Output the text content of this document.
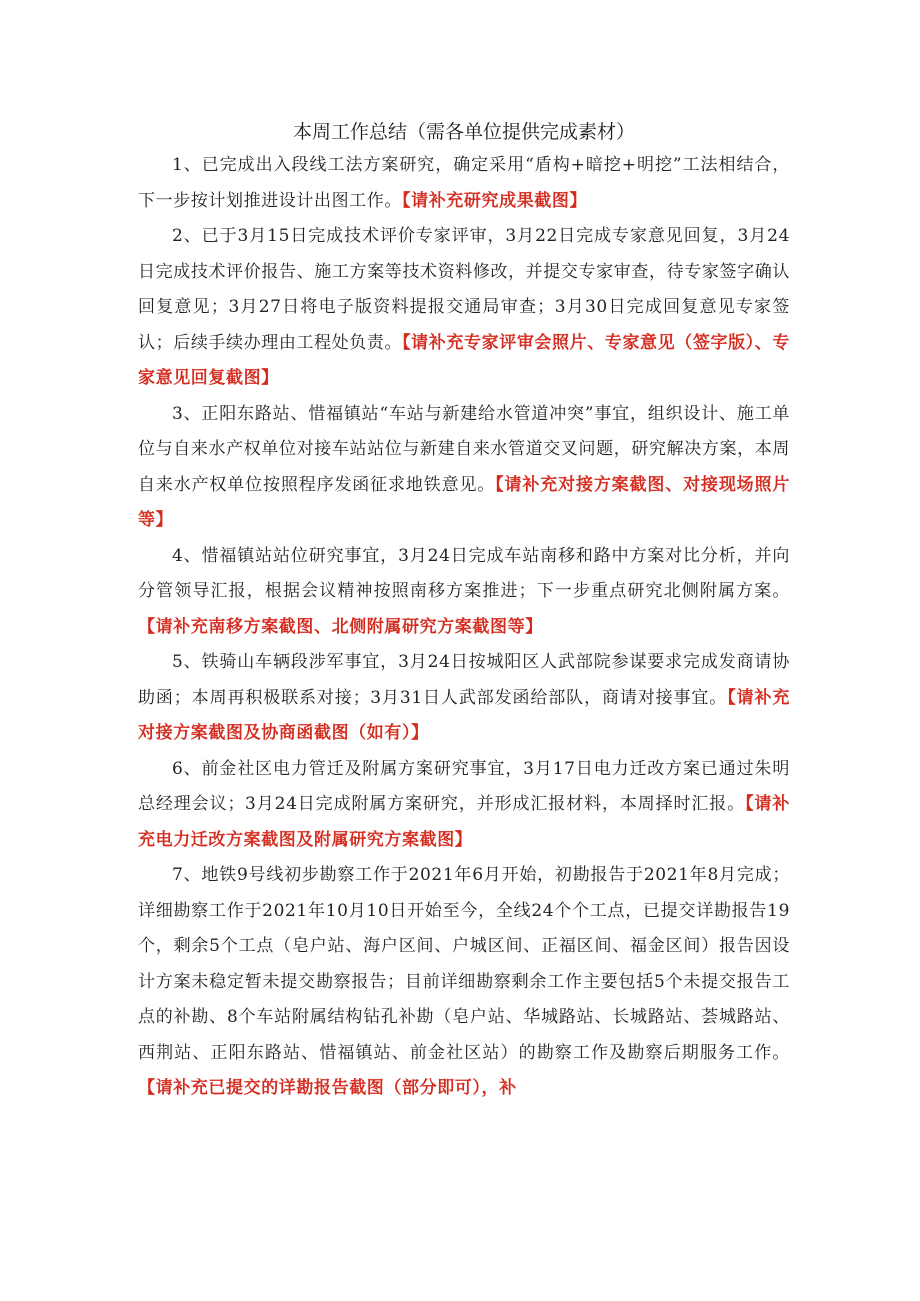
本周工作总结（需各单位提供完成素材）

1、已完成出入段线工法方案研究，确定采用“盾构+暗挖+明挖”工法相结合，下一步按计划推进设计出图工作。【请补充研究成果截图】

2、已于3月15日完成技术评价专家评审，3月22日完成专家意见回复，3月24日完成技术评价报告、施工方案等技术资料修改，并提交专家审查，待专家签字确认回复意见；3月27日将电子版资料提报交通局审查；3月30日完成回复意见专家签认；后续手续办理由工程处负责。【请补充专家评审会照片、专家意见（签字版）、专家意见回复截图】

3、正阳东路站、惜福镇站“车站与新建给水管道冲突”事宜，组织设计、施工单位与自来水产权单位对接车站站位与新建自来水管道交叉问题，研究解决方案，本周自来水产权单位按照程序发函征求地铁意见。【请补充对接方案截图、对接现场照片等】

4、惜福镇站站位研究事宜，3月24日完成车站南移和路中方案对比分析，并向分管领导汇报，根据会议精神按照南移方案推进；下一步重点研究北侧附属方案。【请补充南移方案截图、北侧附属研究方案截图等】

5、铁骑山车辆段涉军事宜，3月24日按城阳区人武部院参谋要求完成发商请协助函；本周再积极联系对接；3月31日人武部发函给部队，商请对接事宜。【请补充对接方案截图及协商函截图（如有）】

6、前金社区电力管迁及附属方案研究事宜，3月17日电力迁改方案已通过朱明总经理会议；3月24日完成附属方案研究，并形成汇报材料，本周择时汇报。【请补充电力迁改方案截图及附属研究方案截图】

7、地铁9号线初步勘察工作于2021年6月开始，初勘报告于2021年8月完成；详细勘察工作于2021年10月10日开始至今，全线24个个工点，已提交详勘报告19个，剩余5个工点（皂户站、海户区间、户城区间、正福区间、福金区间）报告因设计方案未稳定暂未提交勘察报告；目前详细勘察剩余工作主要包括5个未提交报告工点的补勘、8个车站附属结构钻孔补勘（皂户站、华城路站、长城路站、荟城路站、西荆站、正阳东路站、惜福镇站、前金社区站）的勘察工作及勘察后期服务工作。【请补充已提交的详勘报告截图（部分即可），补
